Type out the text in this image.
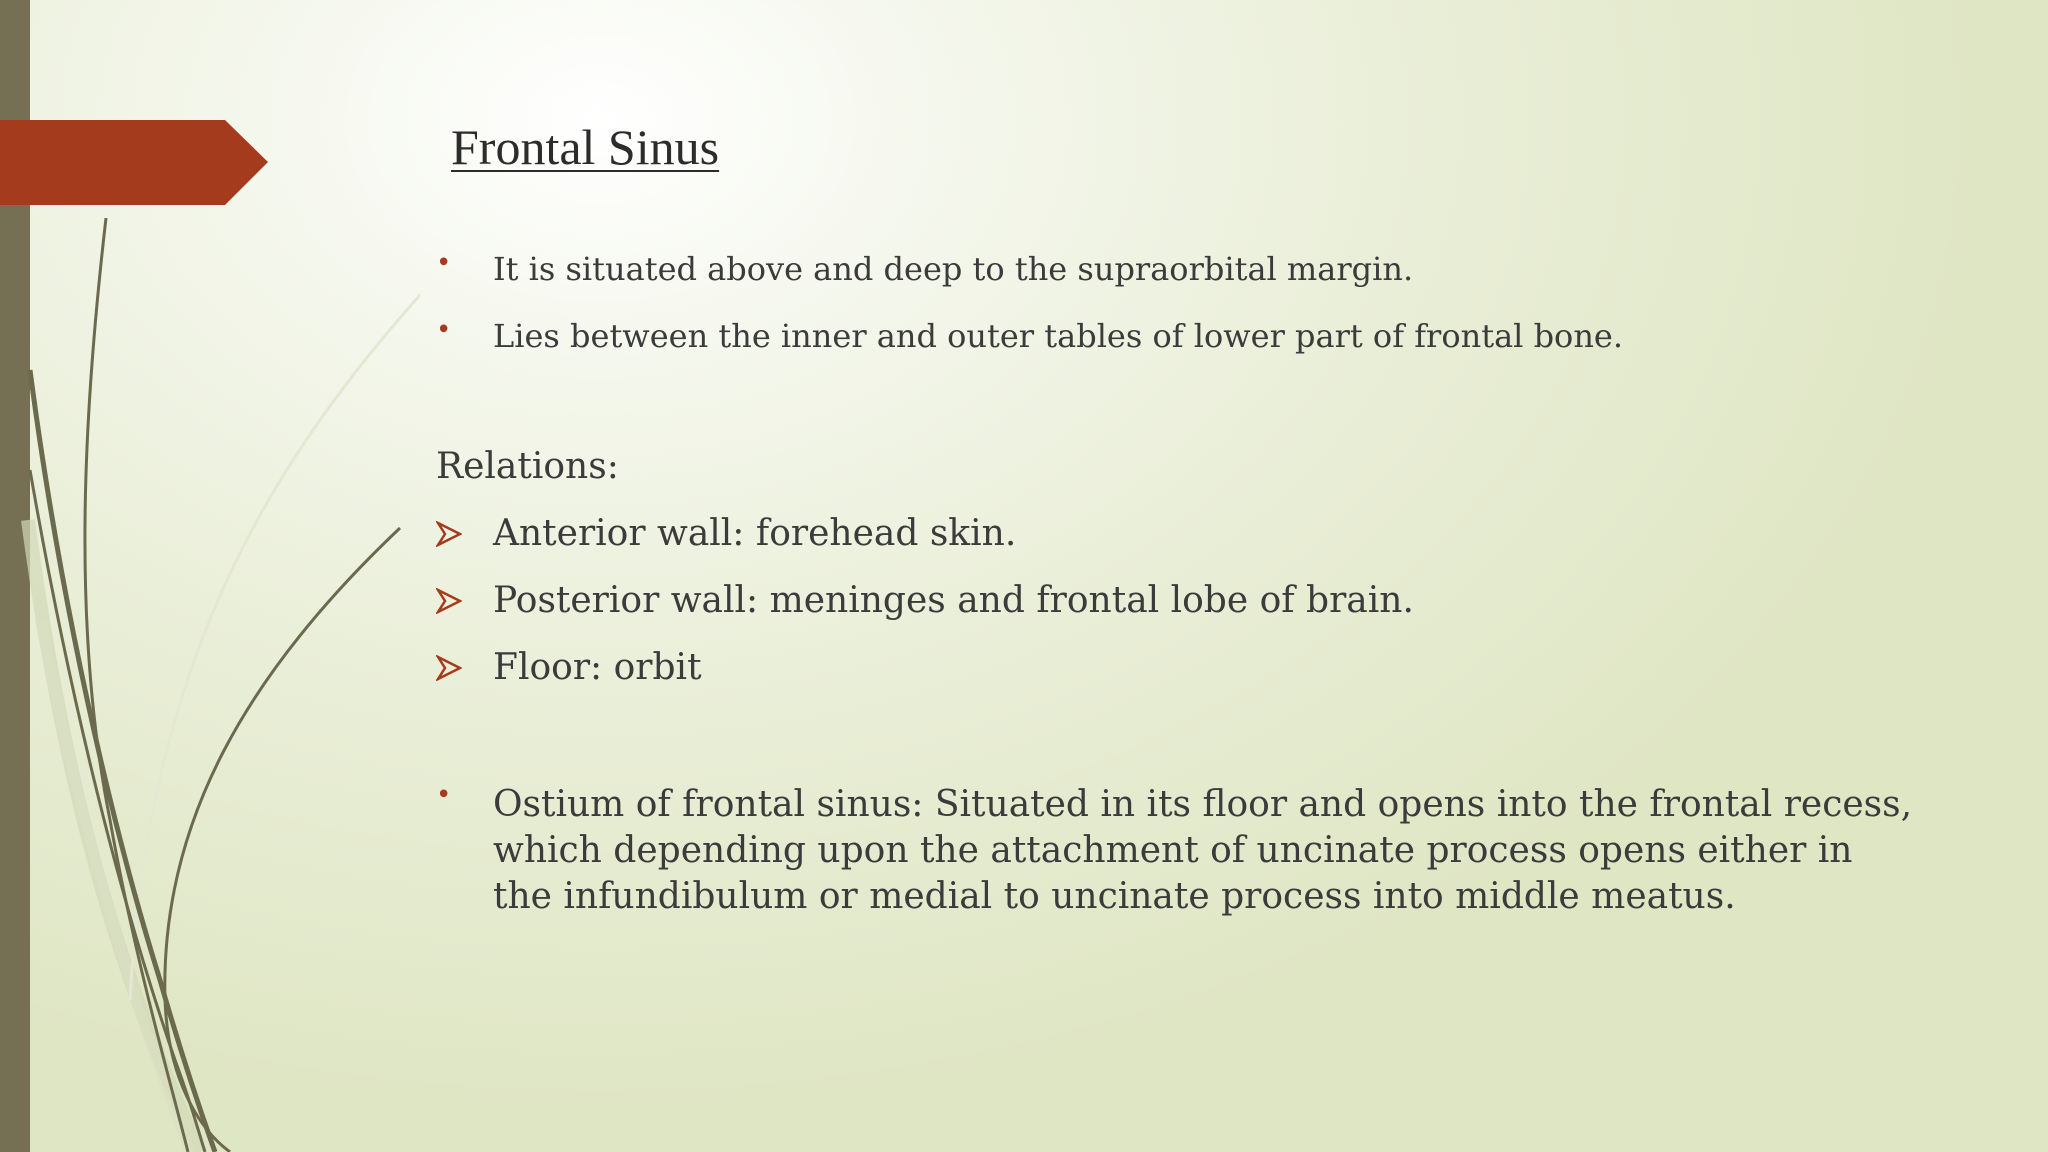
Frontal Sinus
• It is situated above and deep to the supraorbital margin.
• Lies between the inner and outer tables of lower part of frontal bone.
Relations:
Anterior wall: forehead skin.
Posterior wall: meninges and frontal lobe of brain.
Floor: orbit
• Ostium of frontal sinus: Situated in its floor and opens into the frontal recess, which depending upon the attachment of uncinate process opens either in the infundibulum or medial to uncinate process into middle meatus.
